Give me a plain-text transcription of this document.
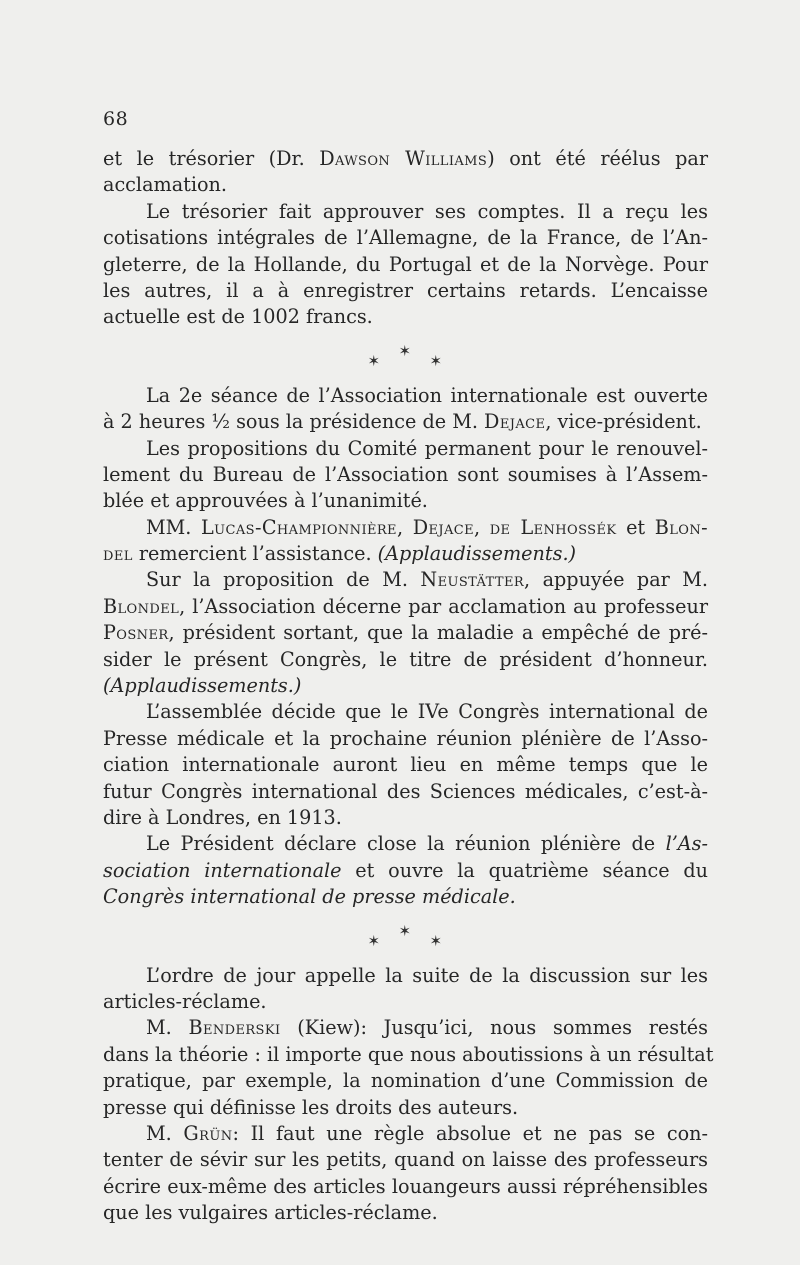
68
et le trésorier (Dr. Dawson Williams) ont été réélus par
acclamation.
Le trésorier fait approuver ses comptes. Il a reçu les
cotisations intégrales de l’Allemagne, de la France, de l’An-
gleterre, de la Hollande, du Portugal et de la Norvège. Pour
les autres, il a à enregistrer certains retards. L’encaisse
actuelle est de 1002 francs.
✶
✶	✶
La 2e séance de l’Association internationale est ouverte
à 2 heures ½ sous la présidence de M. Dejace, vice-président.
Les propositions du Comité permanent pour le renouvel-
lement du Bureau de l’Association sont soumises à l’Assem-
blée et approuvées à l’unanimité.
MM. Lucas-Championnière, Dejace, de Lenhossék et Blon-
del remercient l’assistance. (Applaudissements.)
Sur la proposition de M. Neustätter, appuyée par M.
Blondel, l’Association décerne par acclamation au professeur
Posner, président sortant, que la maladie a empêché de pré-
sider le présent Congrès, le titre de président d’honneur.
(Applaudissements.)
L’assemblée décide que le IVe Congrès international de
Presse médicale et la prochaine réunion plénière de l’Asso-
ciation internationale auront lieu en même temps que le
futur Congrès international des Sciences médicales, c’est-à-
dire à Londres, en 1913.
Le Président déclare close la réunion plénière de l’As-
sociation internationale et ouvre la quatrième séance du
Congrès international de presse médicale.
✶
✶	✶
L’ordre de jour appelle la suite de la discussion sur les
articles-réclame.
M. Benderski (Kiew): Jusqu’ici, nous sommes restés
dans la théorie : il importe que nous aboutissions à un résultat
pratique, par exemple, la nomination d’une Commission de
presse qui définisse les droits des auteurs.
M. Grün: Il faut une règle absolue et ne pas se con-
tenter de sévir sur les petits, quand on laisse des professeurs
écrire eux-même des articles louangeurs aussi répréhensibles
que les vulgaires articles-réclame.
